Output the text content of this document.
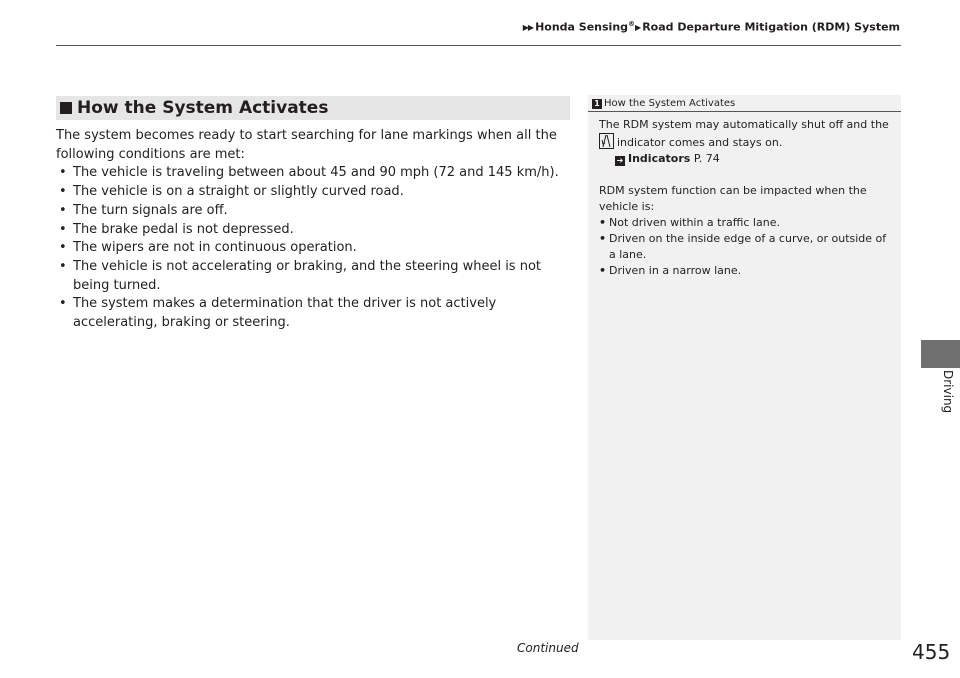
▶▶ Honda Sensing®▶ Road Departure Mitigation (RDM) System
How the System Activates

The system becomes ready to start searching for lane markings when all the following conditions are met:

• The vehicle is traveling between about 45 and 90 mph (72 and 145 km/h).
• The vehicle is on a straight or slightly curved road.
• The turn signals are off.
• The brake pedal is not depressed.
• The wipers are not in continuous operation.
• The vehicle is not accelerating or braking, and the steering wheel is not being turned.
• The system makes a determination that the driver is not actively accelerating, braking or steering.
1 How the System Activates

The RDM system may automatically shut off and the

indicator comes and stays on.

➔ Indicators P. 74

RDM system function can be impacted when the vehicle is:

• Not driven within a traffic lane.
• Driven on the inside edge of a curve, or outside of a lane.
• Driven in a narrow lane.
Driving
Continued	455
